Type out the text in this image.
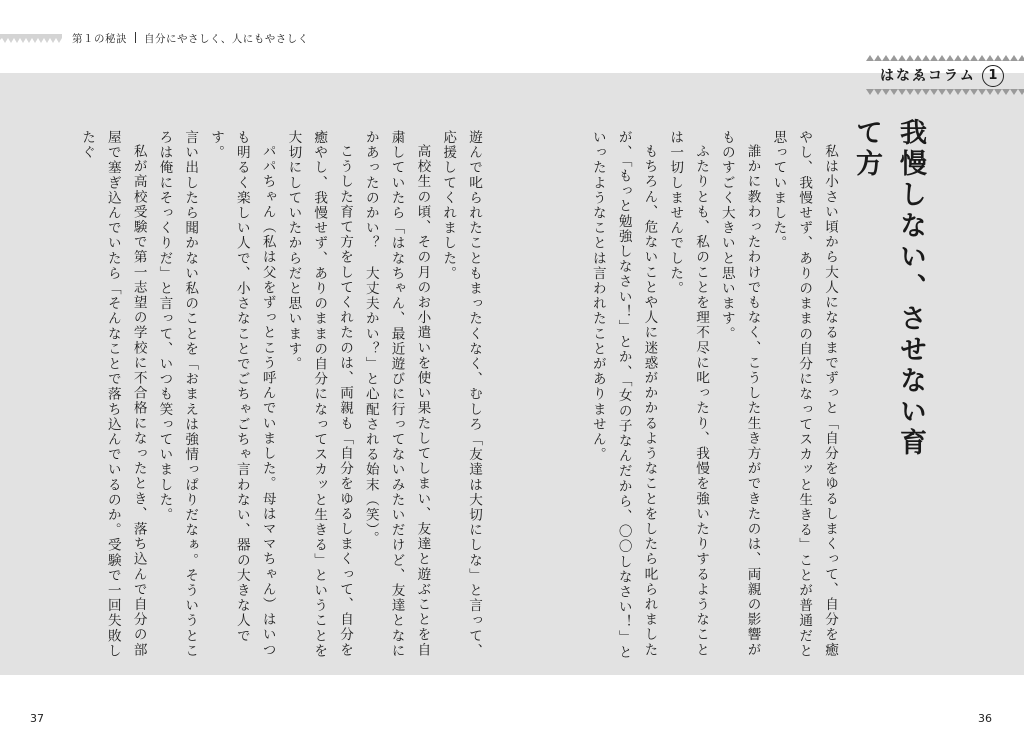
第１の秘訣 自分にやさしく、人にもやさしく
はなゑコラム 1
我慢しない、させない育て方

私は小さい頃から大人になるまでずっと「自分をゆるしまくって、自分を癒やし、我慢せず、ありのままの自分になってスカッと生きる」ことが普通だと思っていました。

誰かに教わったわけでもなく、こうした生き方ができたのは、両親の影響がものすごく大きいと思います。

ふたりとも、私のことを理不尽に叱ったり、我慢を強いたりするようなことは一切しませんでした。

もちろん、危ないことや人に迷惑がかかるようなことをしたら叱られましたが、「もっと勉強しなさい！」とか、「女の子なんだから、〇〇しなさい！」といったようなことは言われたことがありません。

遊んで叱られたこともまったくなく、むしろ「友達は大切にしな」と言って、応援してくれました。

高校生の頃、その月のお小遣いを使い果たしてしまい、友達と遊ぶことを自粛していたら「はなちゃん、最近遊びに行ってないみたいだけど、友達となにかあったのかい？　大丈夫かい？」と心配される始末（笑）。

こうした育て方をしてくれたのは、両親も「自分をゆるしまくって、自分を癒やし、我慢せず、ありのままの自分になってスカッと生きる」ということを大切にしていたからだと思います。

パパちゃん（私は父をずっとこう呼んでいました。母はママちゃん）はいつも明るく楽しい人で、小さなことでごちゃごちゃ言わない、器の大きな人です。

言い出したら聞かない私のことを「おまえは強情っぱりだなぁ。そういうところは俺にそっくりだ」と言って、いつも笑っていました。

私が高校受験で第一志望の学校に不合格になったとき、落ち込んで自分の部屋で塞ぎ込んでいたら「そんなことで落ち込んでいるのか。受験で一回失敗したぐ

37	36
